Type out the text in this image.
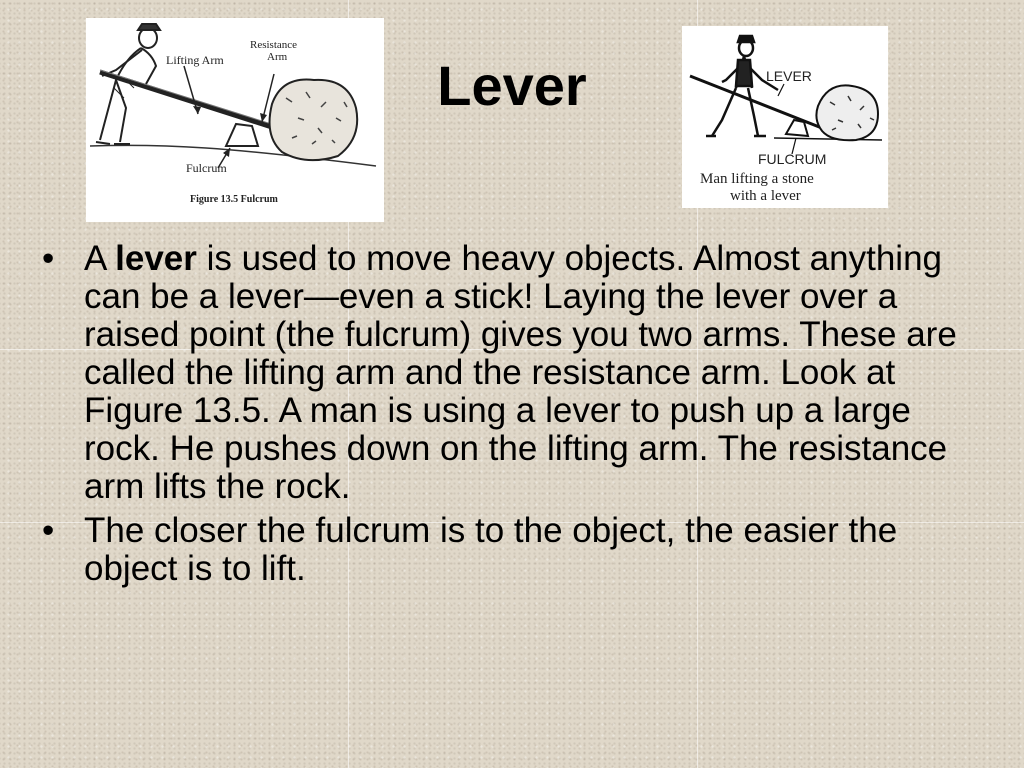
Lifting Arm
Resistance
Arm
Fulcrum
Figure 13.5 Fulcrum
Lever	LEVER
FULCRUM
Man lifting a stone
with a lever
• A lever is used to move heavy objects. Almost anything can be a lever—even a stick! Laying the lever over a raised point (the fulcrum) gives you two arms. These are called the lifting arm and the resistance arm. Look at Figure 13.5. A man is using a lever to push up a large rock. He pushes down on the lifting arm. The resistance arm lifts the rock.
• The closer the fulcrum is to the object, the easier the object is to lift.
